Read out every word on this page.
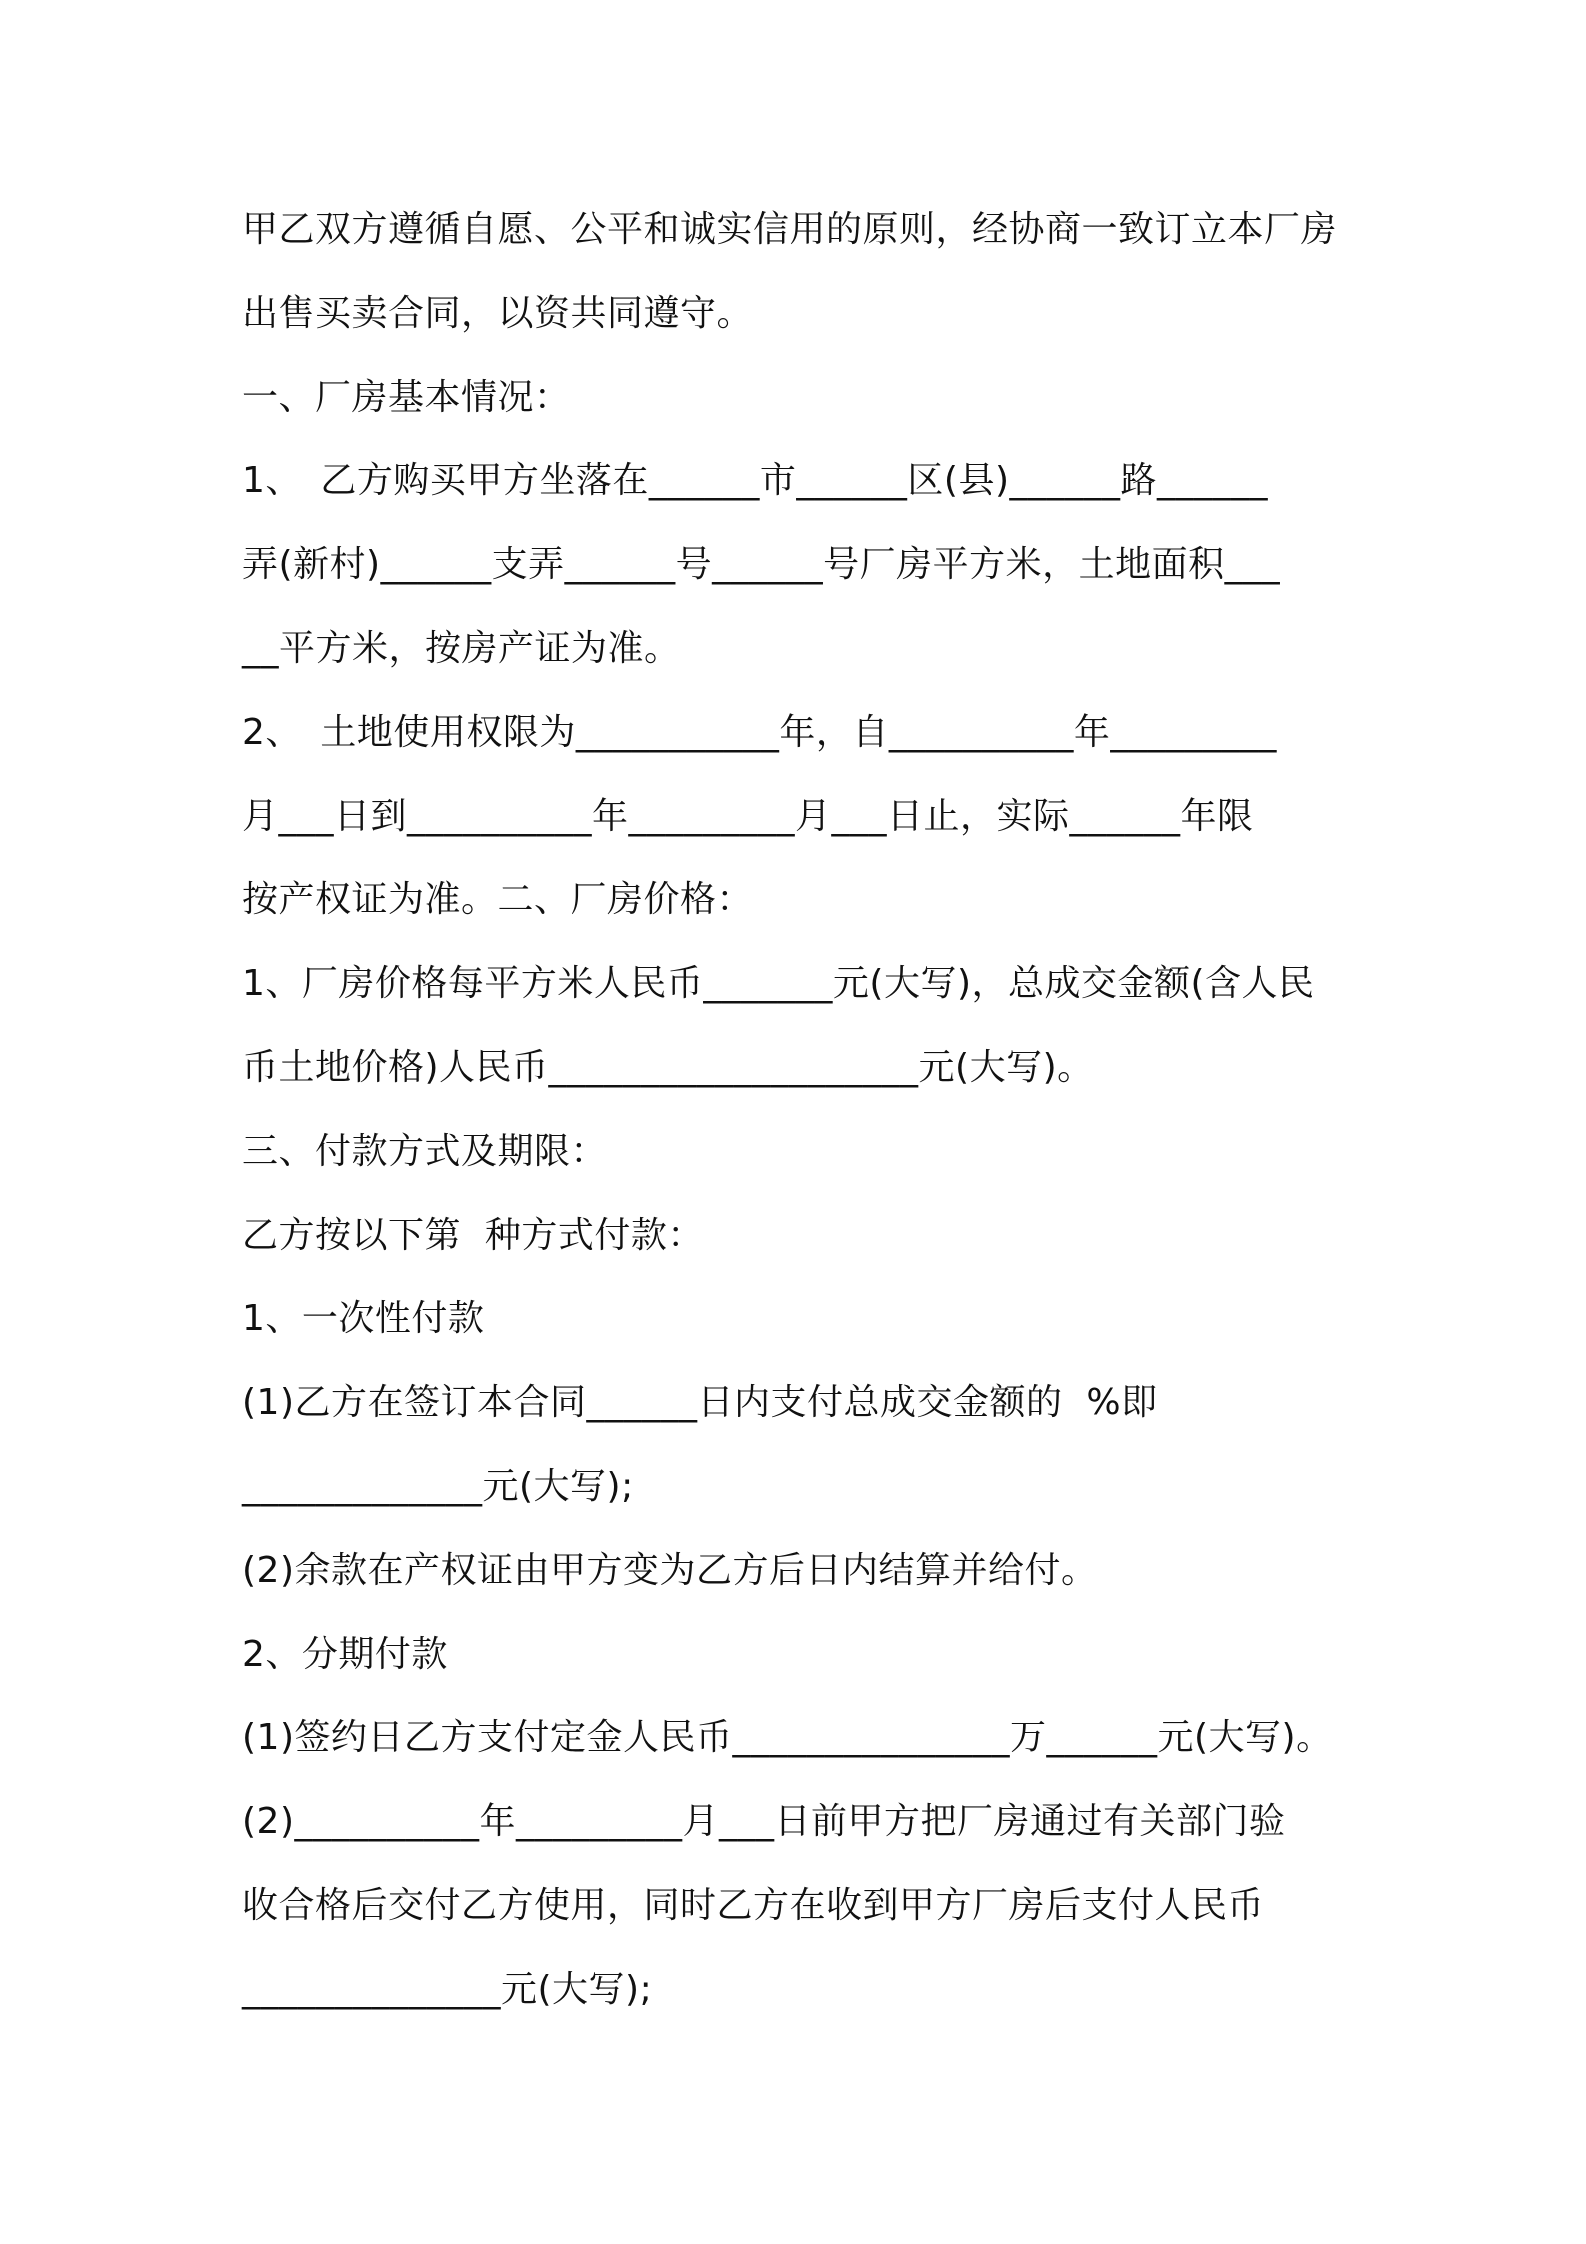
甲乙双方遵循自愿、公平和诚实信用的原则，经协商一致订立本厂房
出售买卖合同，以资共同遵守。
一、厂房基本情况：
1、　乙方购买甲方坐落在______市______区(县)______路______
弄(新村)______支弄______号______号厂房平方米，土地面积___
__平方米，按房产证为准。
2、　土地使用权限为___________年，自__________年_________
月___日到__________年_________月___日止，实际______年限
按产权证为准。二、厂房价格：
1、厂房价格每平方米人民币_______元(大写)，总成交金额(含人民
币土地价格)人民币____________________元(大写)。
三、付款方式及期限：
乙方按以下第  种方式付款：
1、一次性付款
(1)乙方在签订本合同______日内支付总成交金额的  %即
_____________元(大写);
(2)余款在产权证由甲方变为乙方后日内结算并给付。
2、分期付款
(1)签约日乙方支付定金人民币_______________万______元(大写)。
(2)__________年_________月___日前甲方把厂房通过有关部门验
收合格后交付乙方使用，同时乙方在收到甲方厂房后支付人民币
______________元(大写);
